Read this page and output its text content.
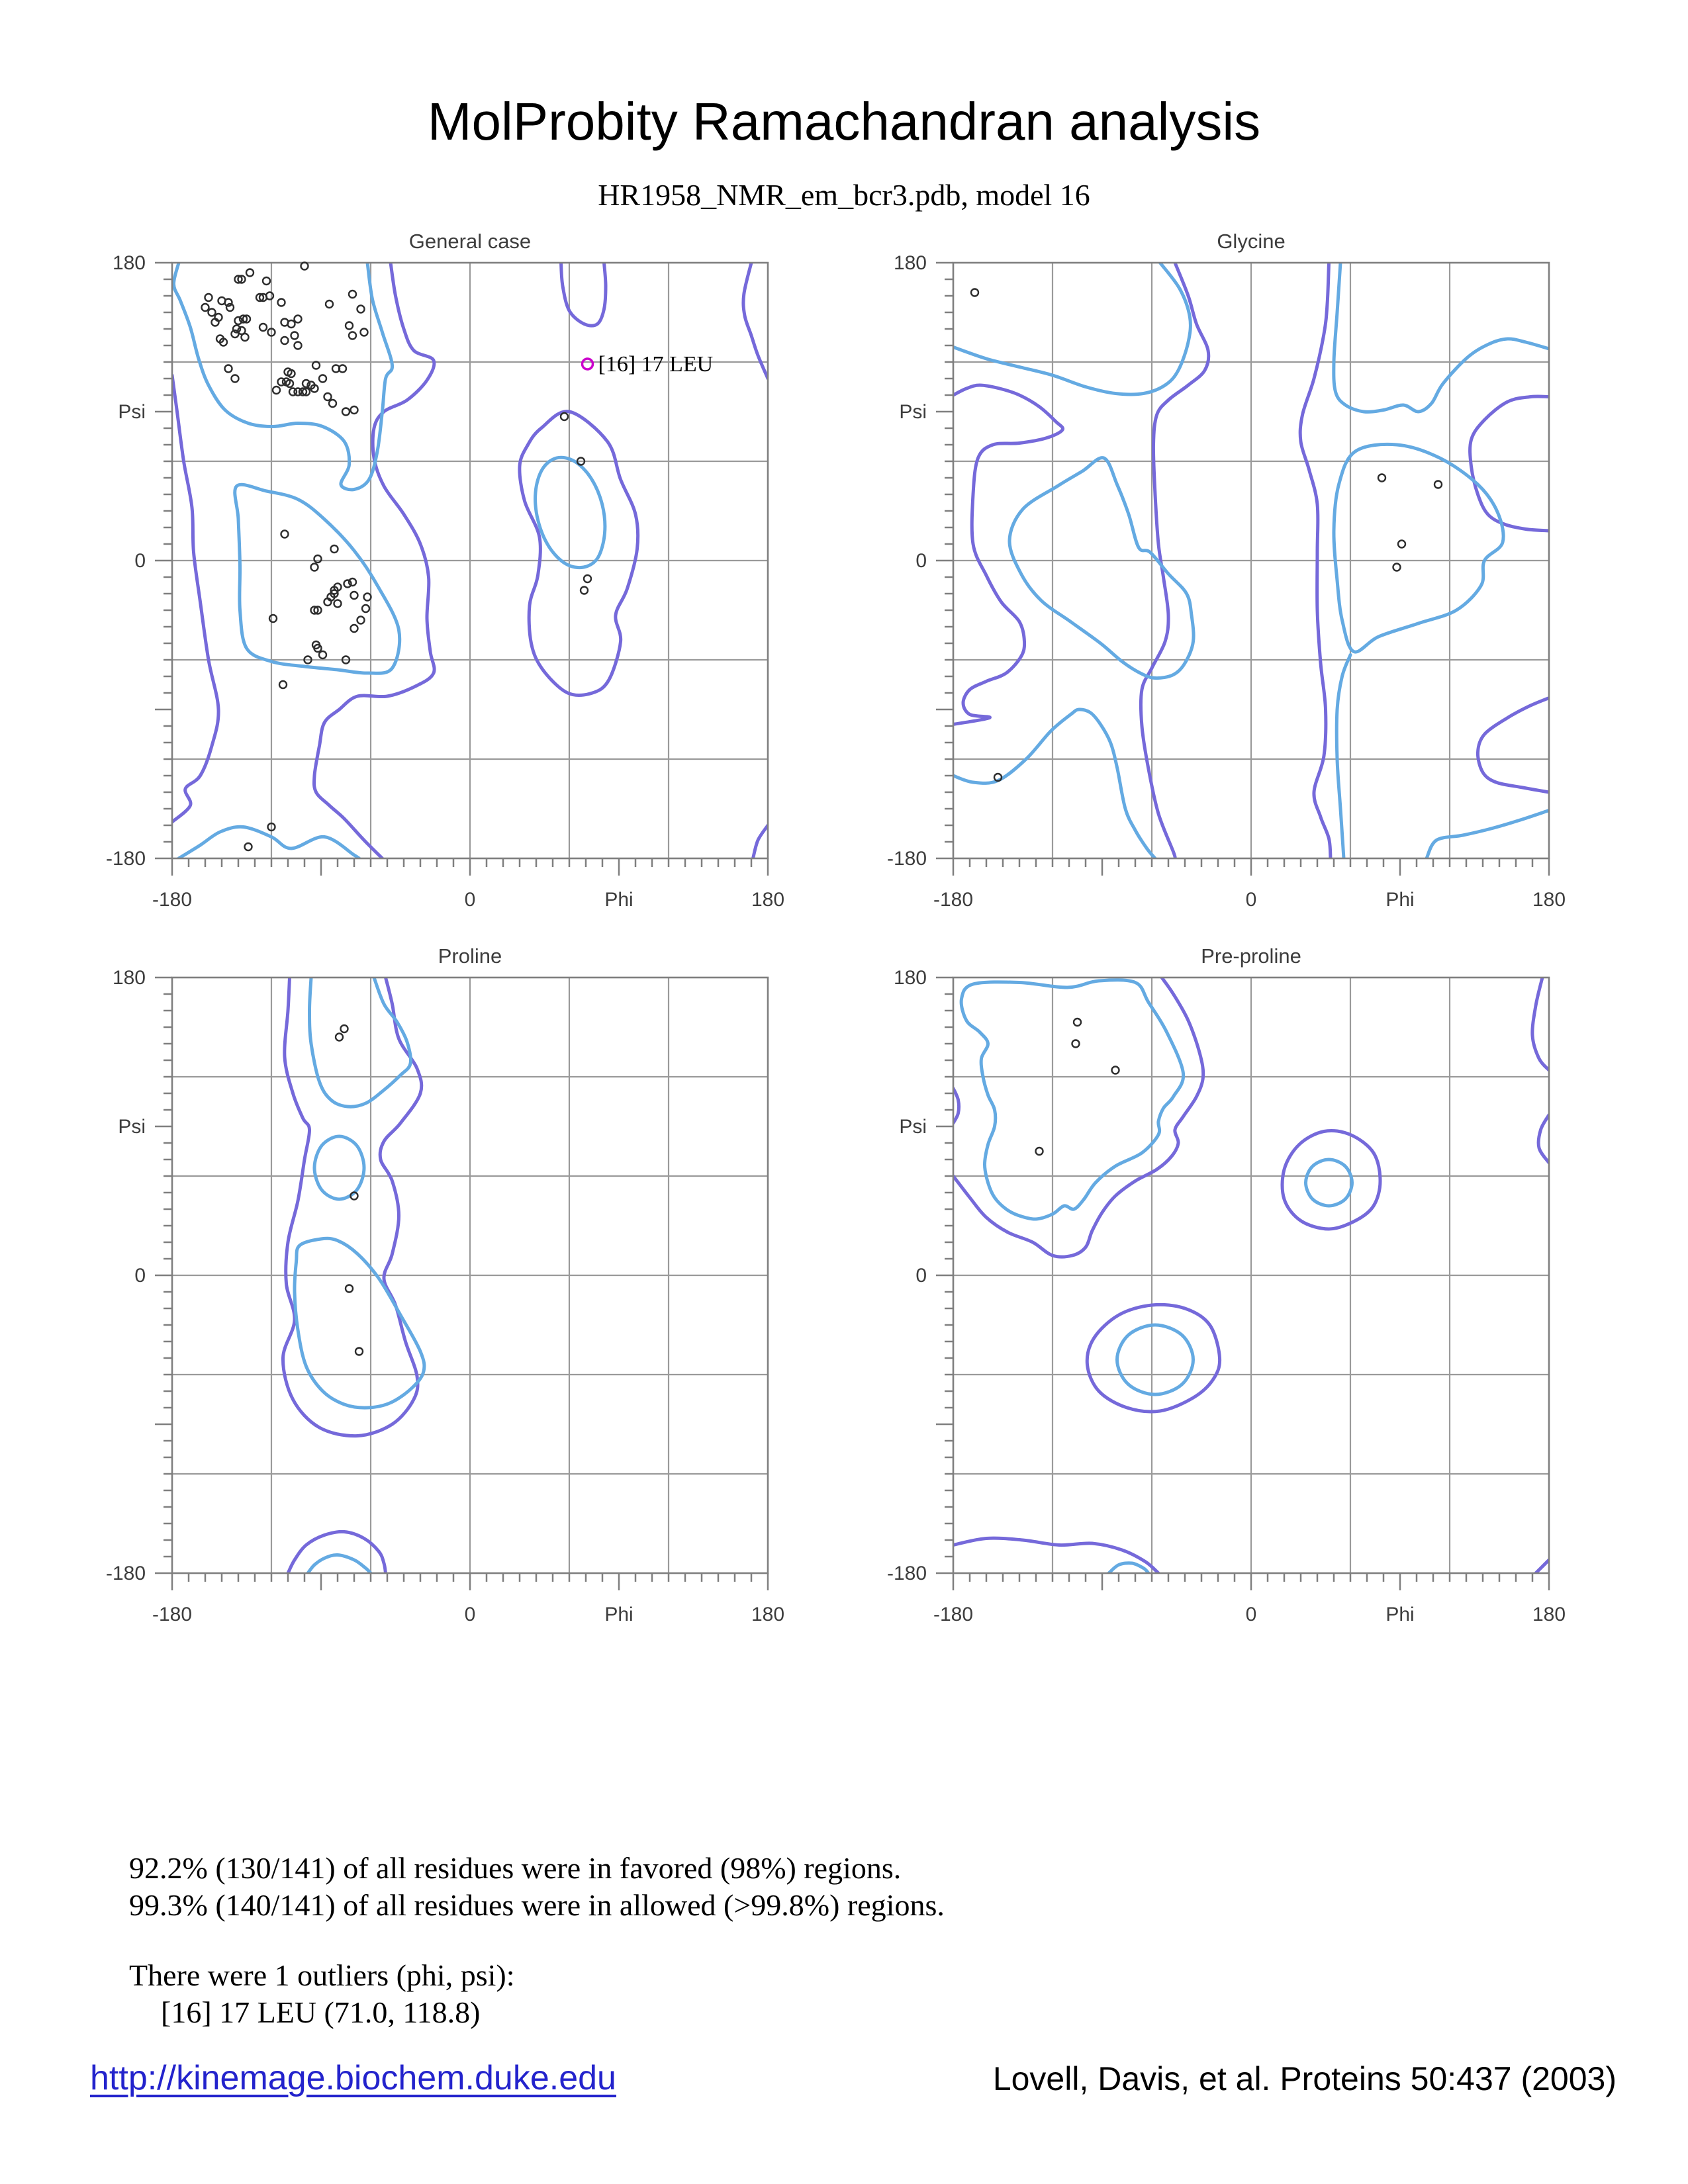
MolProbity Ramachandran analysis
HR1958_NMR_em_bcr3.pdb, model 16
General case
180
Psi
0
-180
-180	0	Phi	180
[16] 17 LEU
Glycine
180
Psi
0
-180
-180	0	Phi	180
Proline
180
Psi
0
-180
-180	0	Phi	180
Pre-proline
180
Psi
0
-180
-180	0	Phi	180

92.2% (130/141) of all residues were in favored (98%) regions.

99.3% (140/141) of all residues were in allowed (>99.8%) regions.

There were 1 outliers (phi, psi):

[16] 17 LEU (71.0, 118.8)

http://kinemage.biochem.duke.edu	Lovell, Davis, et al. Proteins 50:437 (2003)
